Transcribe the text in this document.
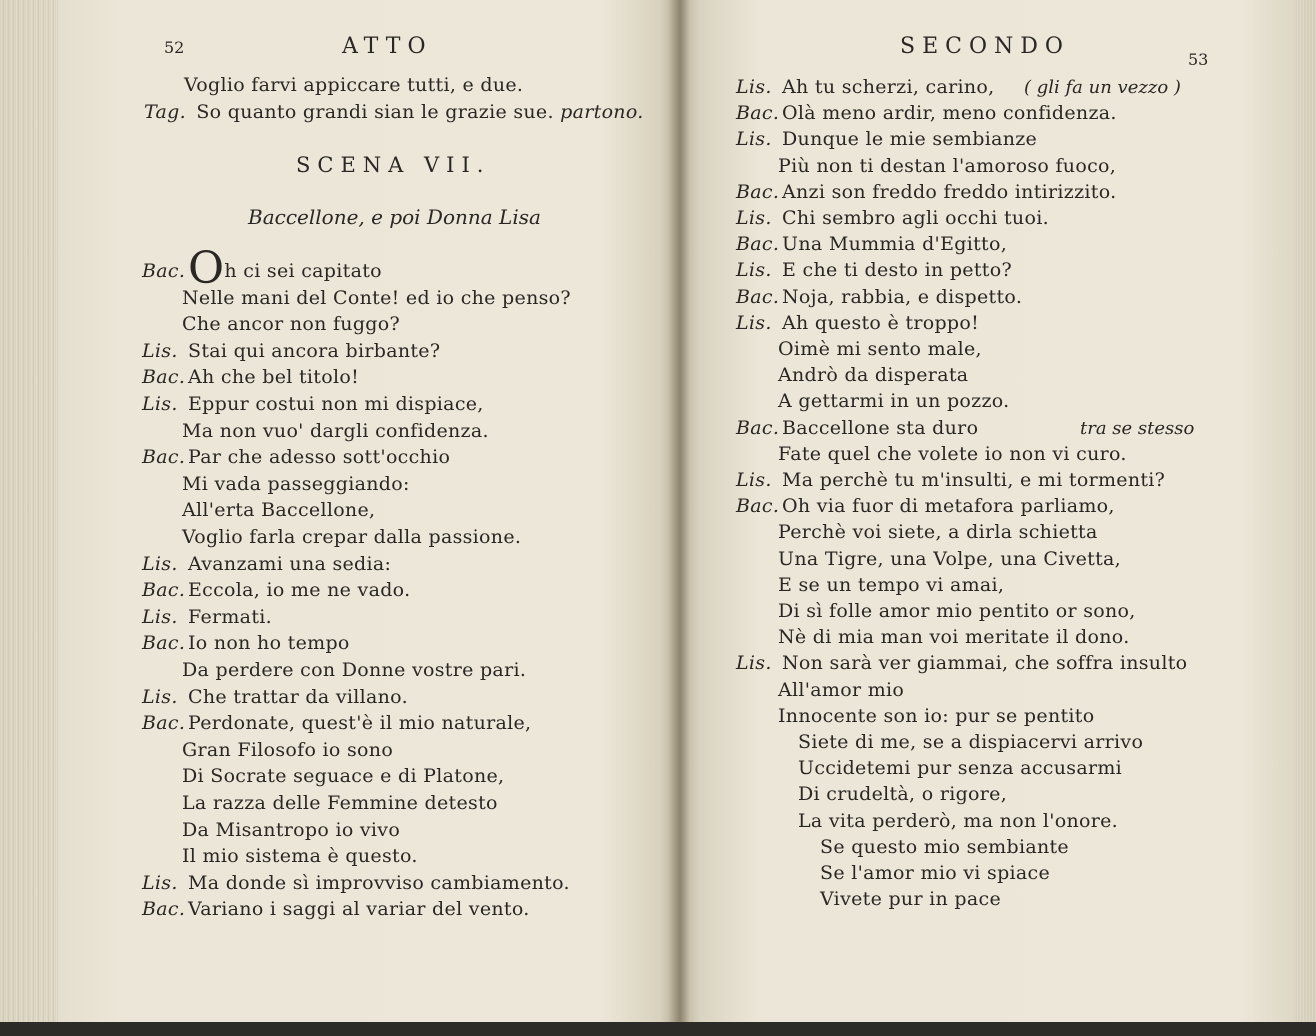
52	ATTO
Voglio farvi appiccare tutti, e due.
Tag. So quanto grandi sian le grazie sue. partono.
SCENA VII.
Baccellone, e poi Donna Lisa
Bac.Oh ci sei capitato
Nelle mani del Conte! ed io che penso?
Che ancor non fuggo?
Lis. Stai qui ancora birbante?
Bac. Ah che bel titolo!
Lis. Eppur costui non mi dispiace,
Ma non vuo' dargli confidenza.
Bac. Par che adesso sott'occhio
Mi vada passeggiando:
All'erta Baccellone,
Voglio farla crepar dalla passione.
Lis. Avanzami una sedia:
Bac. Eccola, io me ne vado.
Lis. Fermati.
Bac. Io non ho tempo
Da perdere con Donne vostre pari.
Lis. Che trattar da villano.
Bac. Perdonate, quest'è il mio naturale,
Gran Filosofo io sono
Di Socrate seguace e di Platone,
La razza delle Femmine detesto
Da Misantropo io vivo
Il mio sistema è questo.
Lis. Ma donde sì improvviso cambiamento.
Bac. Variano i saggi al variar del vento.
SECONDO
53
Lis. Ah tu scherzi, carino, ( gli fa un vezzo )
Bac. Olà meno ardir, meno confidenza.
Lis. Dunque le mie sembianze
Più non ti destan l'amoroso fuoco,
Bac. Anzi son freddo freddo intirizzito.
Lis. Chi sembro agli occhi tuoi.
Bac. Una Mummia d'Egitto,
Lis. E che ti desto in petto?
Bac. Noja, rabbia, e dispetto.
Lis. Ah questo è troppo!
Oimè mi sento male,
Andrò da disperata
A gettarmi in un pozzo.
Bac. Baccellone sta duro	tra se stesso
Fate quel che volete io non vi curo.
Lis. Ma perchè tu m'insulti, e mi tormenti?
Bac. Oh via fuor di metafora parliamo,
Perchè voi siete, a dirla schietta
Una Tigre, una Volpe, una Civetta,
E se un tempo vi amai,
Di sì folle amor mio pentito or sono,
Nè di mia man voi meritate il dono.
Lis. Non sarà ver giammai, che soffra insulto
All'amor mio
Innocente son io: pur se pentito
Siete di me, se a dispiacervi arrivo
Uccidetemi pur senza accusarmi
Di crudeltà, o rigore,
La vita perderò, ma non l'onore.
Se questo mio sembiante
Se l'amor mio vi spiace
Vivete pur in pace
